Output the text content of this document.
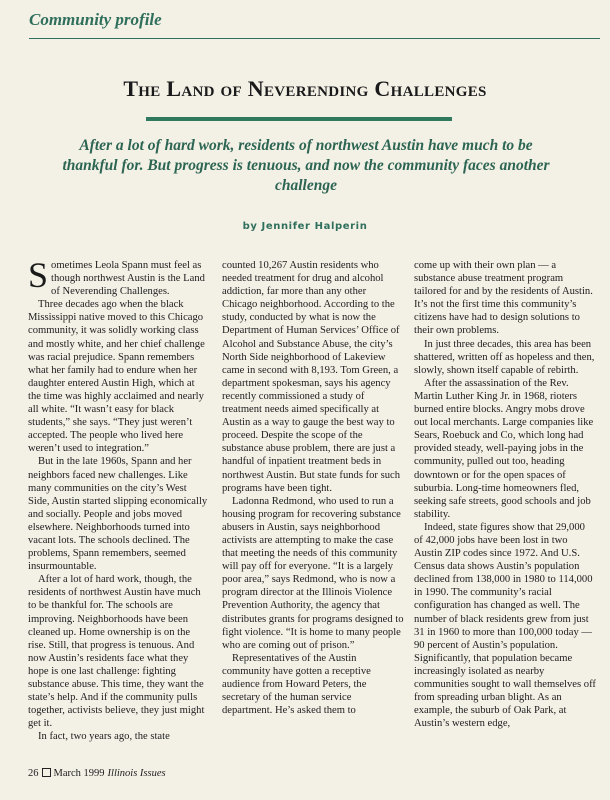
Community profile
The Land of Neverending Challenges
After a lot of hard work, residents of northwest Austin have much to be thankful for. But progress is tenuous, and now the community faces another challenge
by Jennifer Halperin

Sometimes Leola Spann must feel as though northwest Austin is the Land of Neverending Challenges.

Three decades ago when the black Mississippi native moved to this Chicago community, it was solidly working class and mostly white, and her chief challenge was racial prejudice. Spann remembers what her family had to endure when her daughter entered Austin High, which at the time was highly acclaimed and nearly all white. “It wasn’t easy for black students,” she says. “They just weren’t accepted. The people who lived here weren’t used to integration.”

But in the late 1960s, Spann and her neighbors faced new challenges. Like many communities on the city’s West Side, Austin started slipping economically and socially. People and jobs moved elsewhere. Neighborhoods turned into vacant lots. The schools declined. The problems, Spann remembers, seemed insurmountable.

After a lot of hard work, though, the residents of northwest Austin have much to be thankful for. The schools are improving. Neighborhoods have been cleaned up. Home ownership is on the rise. Still, that progress is tenuous. And now Austin’s residents face what they hope is one last challenge: fighting substance abuse. This time, they want the state’s help. And if the community pulls together, activists believe, they just might get it.

In fact, two years ago, the state

counted 10,267 Austin residents who needed treatment for drug and alcohol addiction, far more than any other Chicago neighborhood. According to the study, conducted by what is now the Department of Human Services’ Office of Alcohol and Substance Abuse, the city’s North Side neighborhood of Lakeview came in second with 8,193. Tom Green, a department spokesman, says his agency recently commissioned a study of treatment needs aimed specifically at Austin as a way to gauge the best way to proceed. Despite the scope of the substance abuse problem, there are just a handful of inpatient treatment beds in northwest Austin. But state funds for such programs have been tight.

Ladonna Redmond, who used to run a housing program for recovering substance abusers in Austin, says neighborhood activists are attempting to make the case that meeting the needs of this community will pay off for everyone. “It is a largely poor area,” says Redmond, who is now a program director at the Illinois Violence Prevention Authority, the agency that distributes grants for programs designed to fight violence. “It is home to many people who are coming out of prison.”

Representatives of the Austin community have gotten a receptive audience from Howard Peters, the secretary of the human service department. He’s asked them to

come up with their own plan — a substance abuse treatment program tailored for and by the residents of Austin. It’s not the first time this community’s citizens have had to design solutions to their own problems.

In just three decades, this area has been shattered, written off as hopeless and then, slowly, shown itself capable of rebirth.

After the assassination of the Rev. Martin Luther King Jr. in 1968, rioters burned entire blocks. Angry mobs drove out local merchants. Large companies like Sears, Roebuck and Co, which long had provided steady, well-paying jobs in the community, pulled out too, heading downtown or for the open spaces of suburbia. Long-time homeowners fled, seeking safe streets, good schools and job stability.

Indeed, state figures show that 29,000 of 42,000 jobs have been lost in two Austin ZIP codes since 1972. And U.S. Census data shows Austin’s population declined from 138,000 in 1980 to 114,000 in 1990. The community’s racial configuration has changed as well. The number of black residents grew from just 31 in 1960 to more than 100,000 today — 90 percent of Austin’s population. Significantly, that population became increasingly isolated as nearby communities sought to wall themselves off from spreading urban blight. As an example, the suburb of Oak Park, at Austin’s western edge,

26 March 1999 Illinois Issues
